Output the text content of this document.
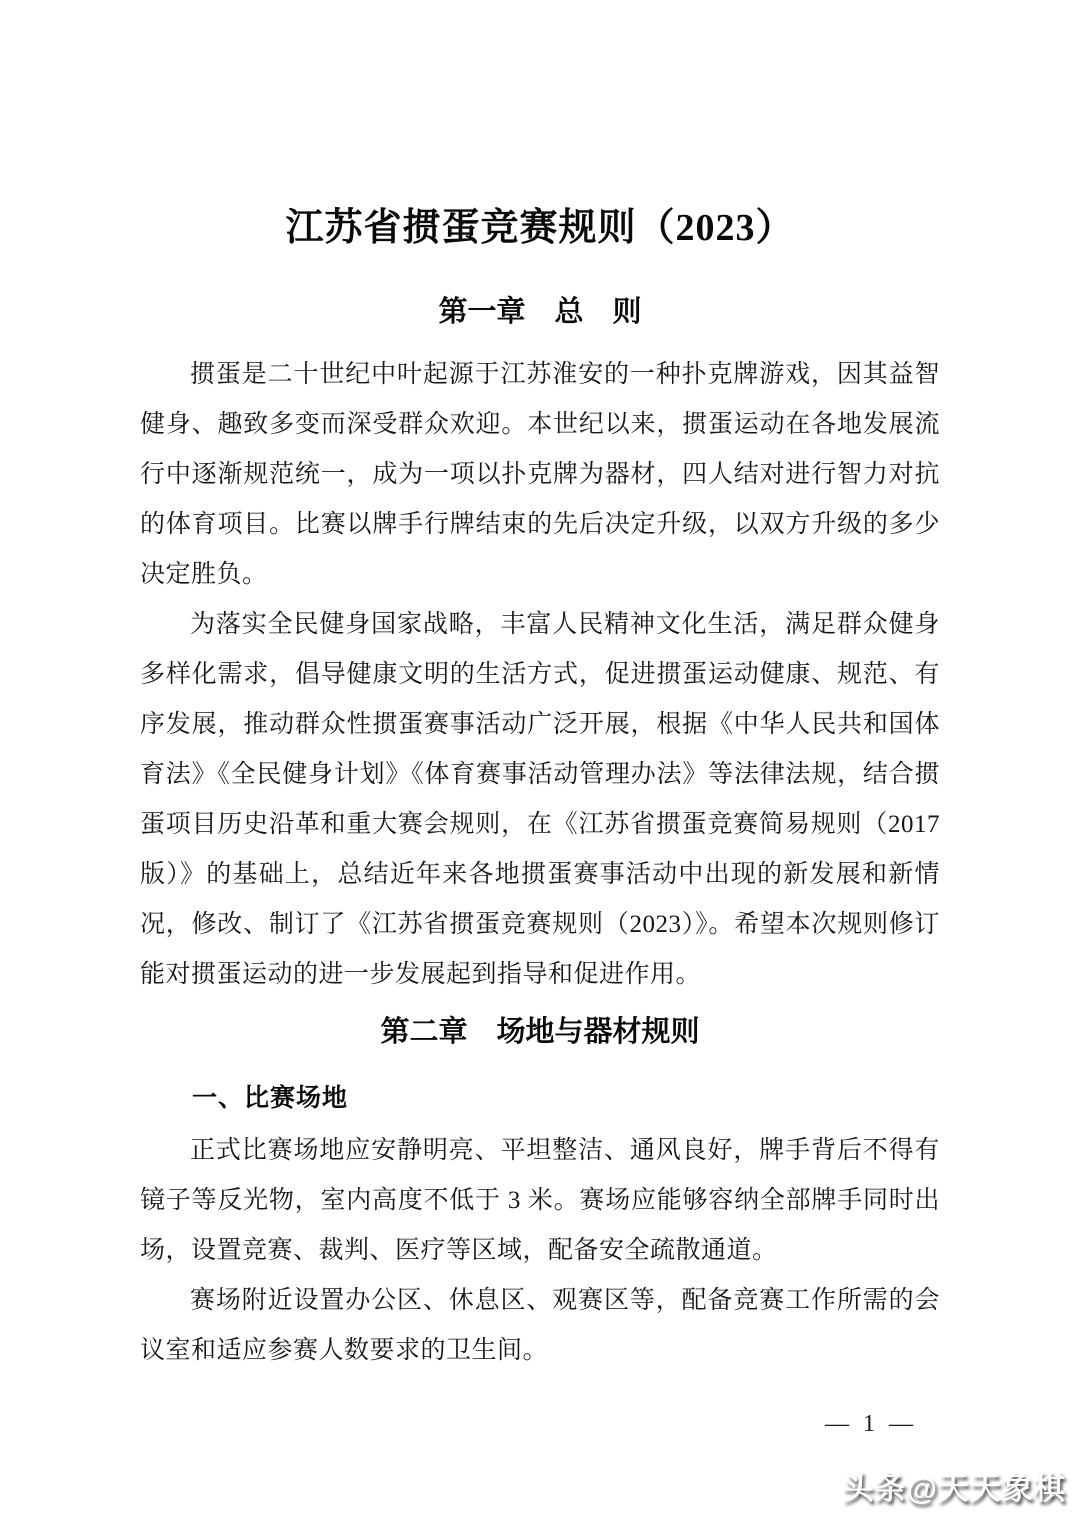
江苏省掼蛋竞赛规则（2023）
第一章　总　则

掼蛋是二十世纪中叶起源于江苏淮安的一种扑克牌游戏，因其益智健身、趣致多变而深受群众欢迎。本世纪以来，掼蛋运动在各地发展流行中逐渐规范统一，成为一项以扑克牌为器材，四人结对进行智力对抗的体育项目。比赛以牌手行牌结束的先后决定升级，以双方升级的多少决定胜负。

为落实全民健身国家战略，丰富人民精神文化生活，满足群众健身多样化需求，倡导健康文明的生活方式，促进掼蛋运动健康、规范、有序发展，推动群众性掼蛋赛事活动广泛开展，根据《中华人民共和国体育法》《全民健身计划》《体育赛事活动管理办法》等法律法规，结合掼蛋项目历史沿革和重大赛会规则，在《江苏省掼蛋竞赛简易规则（2017 版）》的基础上，总结近年来各地掼蛋赛事活动中出现的新发展和新情况，修改、制订了《江苏省掼蛋竞赛规则（2023）》。希望本次规则修订能对掼蛋运动的进一步发展起到指导和促进作用。

第二章　场地与器材规则
一、比赛场地

正式比赛场地应安静明亮、平坦整洁、通风良好，牌手背后不得有镜子等反光物，室内高度不低于 3 米。赛场应能够容纳全部牌手同时出场，设置竞赛、裁判、医疗等区域，配备安全疏散通道。

赛场附近设置办公区、休息区、观赛区等，配备竞赛工作所需的会议室和适应参赛人数要求的卫生间。

— 1 —
头条@天天象棋
